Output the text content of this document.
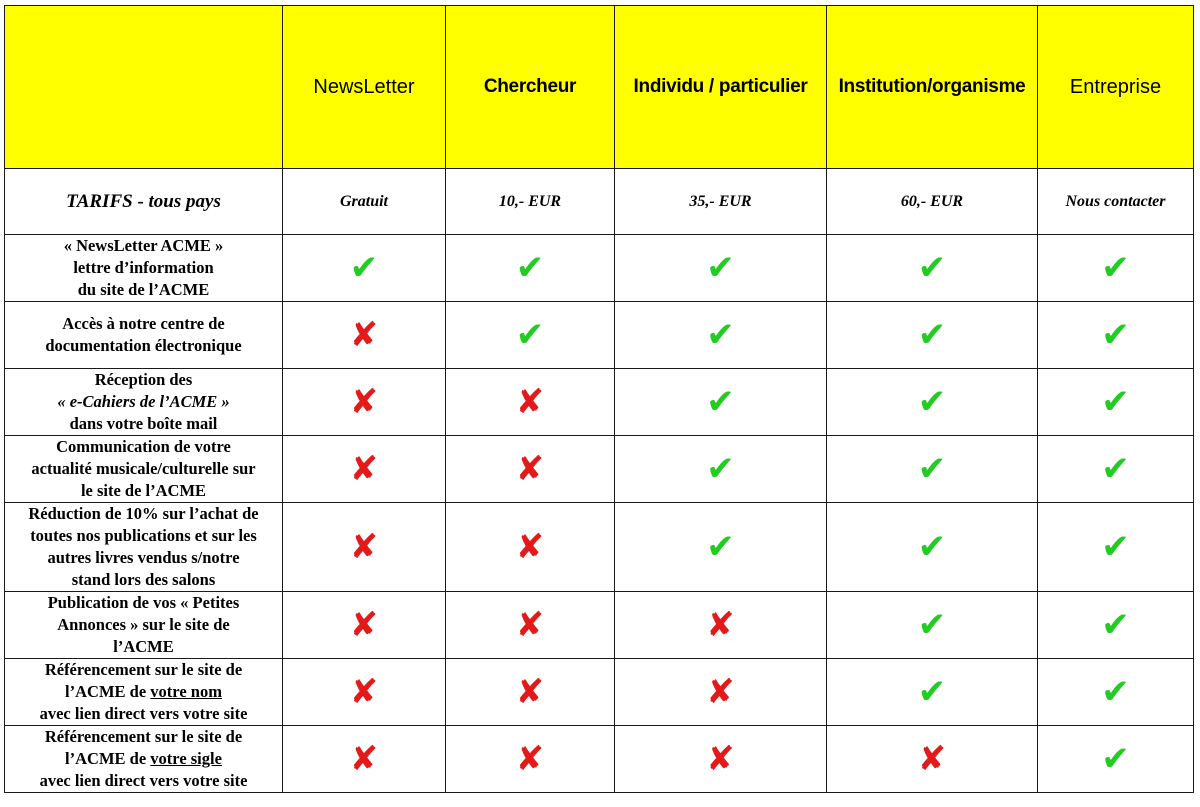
	NewsLetter	Chercheur	Individu / particulier	Institution/organisme	Entreprise
TARIFS - tous pays	Gratuit	10,- EUR	35,- EUR	60,- EUR	Nous contacter
« NewsLetter ACME »
lettre d’information
du site de l’ACME	✔	✔	✔	✔	✔
Accès à notre centre de
documentation électronique	✘	✔	✔	✔	✔
Réception des
« e-Cahiers de l’ACME »
dans votre boîte mail	✘	✘	✔	✔	✔
Communication de votre
actualité musicale/culturelle sur
le site de l’ACME	✘	✘	✔	✔	✔
Réduction de 10% sur l’achat de
toutes nos publications et sur les
autres livres vendus s/notre
stand lors des salons	✘	✘	✔	✔	✔
Publication de vos « Petites
Annonces » sur le site de
l’ACME	✘	✘	✘	✔	✔
Référencement sur le site de
l’ACME de votre nom
avec lien direct vers votre site	✘	✘	✘	✔	✔
Référencement sur le site de
l’ACME de votre sigle
avec lien direct vers votre site	✘	✘	✘	✘	✔
